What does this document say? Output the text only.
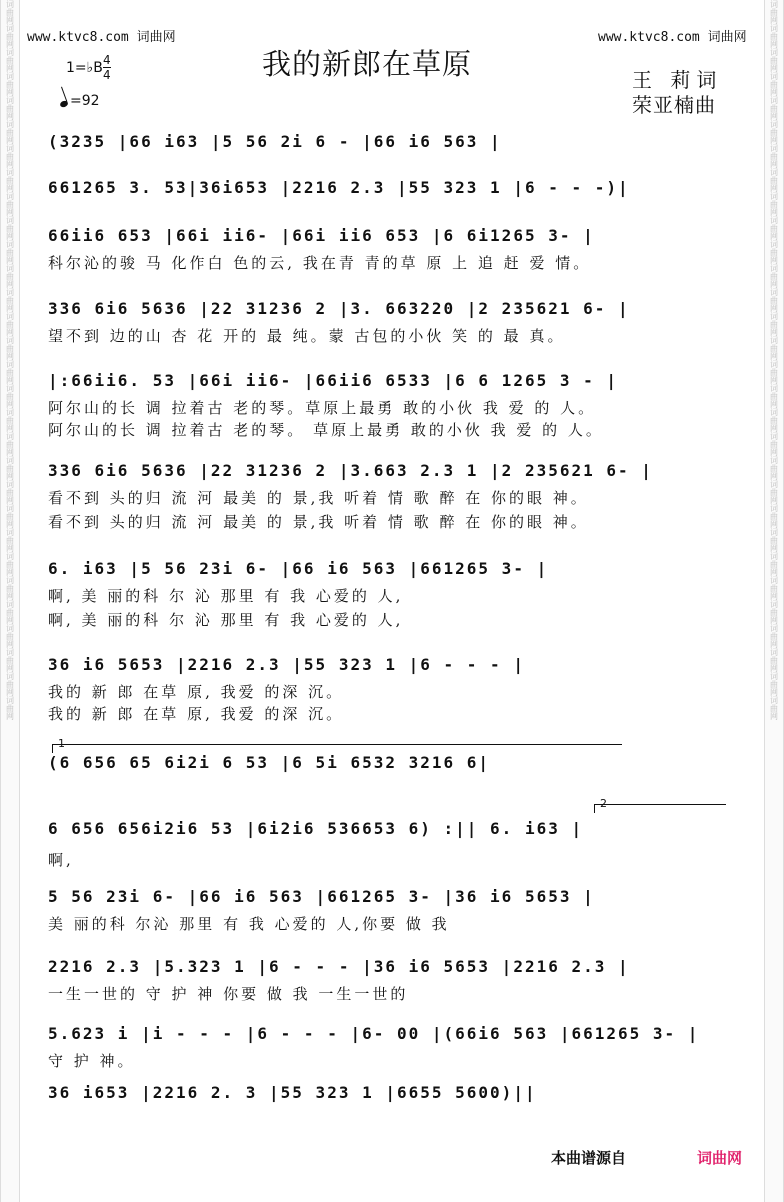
词曲网
词曲网
词曲网
词曲网
词曲网
词曲网
词曲网
词曲网
词曲网
词曲网
词曲网
词曲网
词曲网
词曲网
词曲网
词曲网
词曲网
词曲网
词曲网
词曲网
词曲网
词曲网
词曲网
词曲网
词曲网
词曲网
词曲网
词曲网
词曲网
词曲网
词曲网
词曲网
词曲网
词曲网
词曲网
词曲网
词曲网
词曲网
词曲网
词曲网
词曲网
词曲网
词曲网
词曲网
词曲网
词曲网
词曲网
词曲网
词曲网
词曲网
词曲网
词曲网
词曲网
词曲网
词曲网
词曲网
词曲网
词曲网
词曲网
词曲网
www.ktvc8.com 词曲网	www.ktvc8.com 词曲网
我的新郎在草原
1=♭B 4
4
=92
王 莉词
荣亚楠曲
(3235 |66 i63 |5 56 2i 6 - |66 i6 563 |
661265 3. 53|36i653 |2216 2.3 |55 323 1 |6 - - -)|
66ii6 653 |66i ii6- |66i ii6 653 |6 6i1265 3- |
科尔沁的骏 马 化作白 色的云, 我在青 青的草 原 上 追 赶 爱 情。
336 6i6 5636 |22 31236 2 |3. 663220 |2 235621 6- |
望不到 边的山 杏 花 开的 最 纯。蒙 古包的小伙 笑 的 最 真。
|:66ii6. 53 |66i ii6- |66ii6 6533 |6 6 1265 3 - |
阿尔山的长 调 拉着古 老的琴。草原上最勇 敢的小伙 我 爱 的 人。
阿尔山的长 调 拉着古 老的琴。 草原上最勇 敢的小伙 我 爱 的 人。
336 6i6 5636 |22 31236 2 |3.663 2.3 1 |2 235621 6- |
看不到 头的归 流 河 最美 的 景,我 听着 情 歌 醉 在 你的眼 神。
看不到 头的归 流 河 最美 的 景,我 听着 情 歌 醉 在 你的眼 神。
6. i63 |5 56 23i 6- |66 i6 563 |661265 3- |
啊, 美 丽的科 尔 沁 那里 有 我 心爱的 人,
啊, 美 丽的科 尔 沁 那里 有 我 心爱的 人,
36 i6 5653 |2216 2.3 |55 323 1 |6 - - - |
我的 新 郎 在草 原, 我爱 的深 沉。
我的 新 郎 在草 原, 我爱 的深 沉。
(6 656 65 6i2i 6 53 |6 5i 6532 3216 6|
6 656 656i2i6 53 |6i2i6 536653 6) :|| 6. i63 |
啊,
5 56 23i 6- |66 i6 563 |661265 3- |36 i6 5653 |
美 丽的科 尔沁 那里 有 我 心爱的 人,你要 做 我
2216 2.3 |5.323 1 |6 - - - |36 i6 5653 |2216 2.3 |
一生一世的 守 护 神 你要 做 我 一生一世的
5.623 i |i - - - |6 - - - |6- 00 |(66i6 563 |661265 3- |
守 护 神。
36 i653 |2216 2. 3 |55 323 1 |6655 5600)||
1
2
本曲谱源自	词曲网
